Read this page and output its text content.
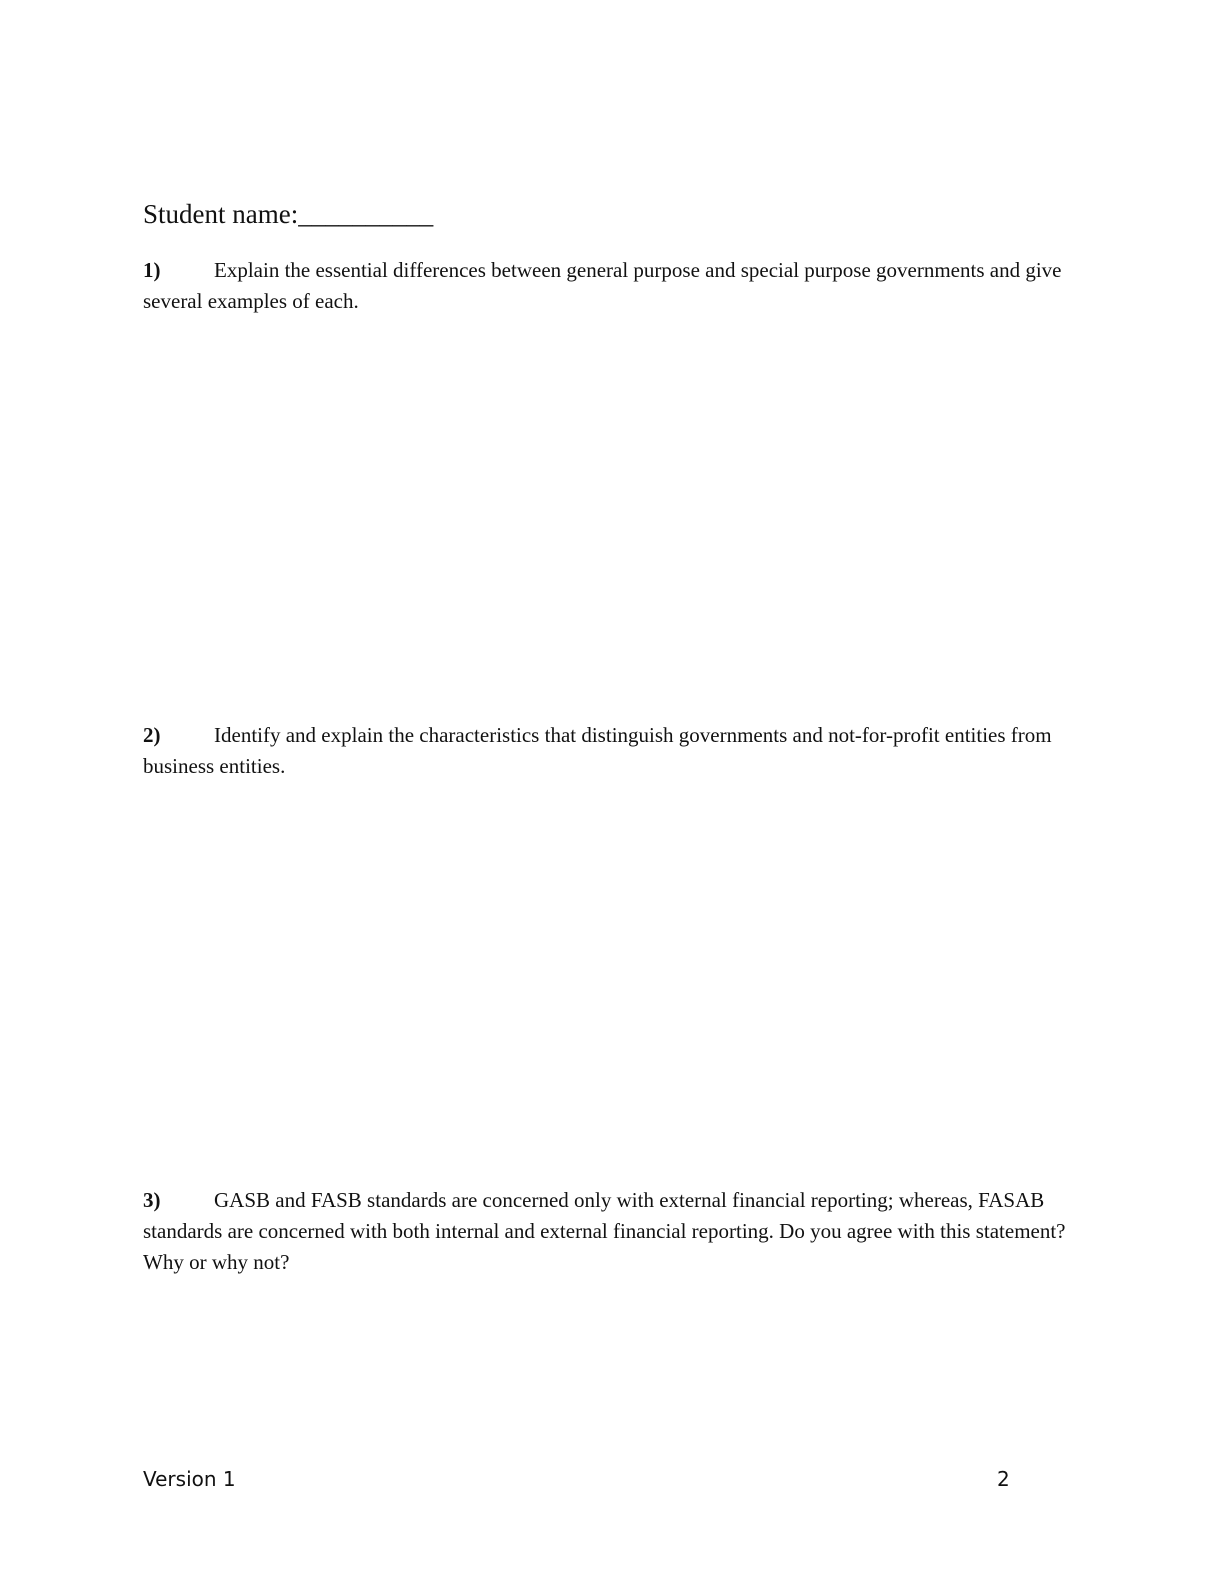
Student name:__________
1)	Explain the essential differences between general purpose and special purpose governments and give several examples of each.
2)	Identify and explain the characteristics that distinguish governments and not-for-profit entities from business entities.
3)	GASB and FASB standards are concerned only with external financial reporting; whereas, FASAB standards are concerned with both internal and external financial reporting. Do you agree with this statement? Why or why not?
Version 1	2
